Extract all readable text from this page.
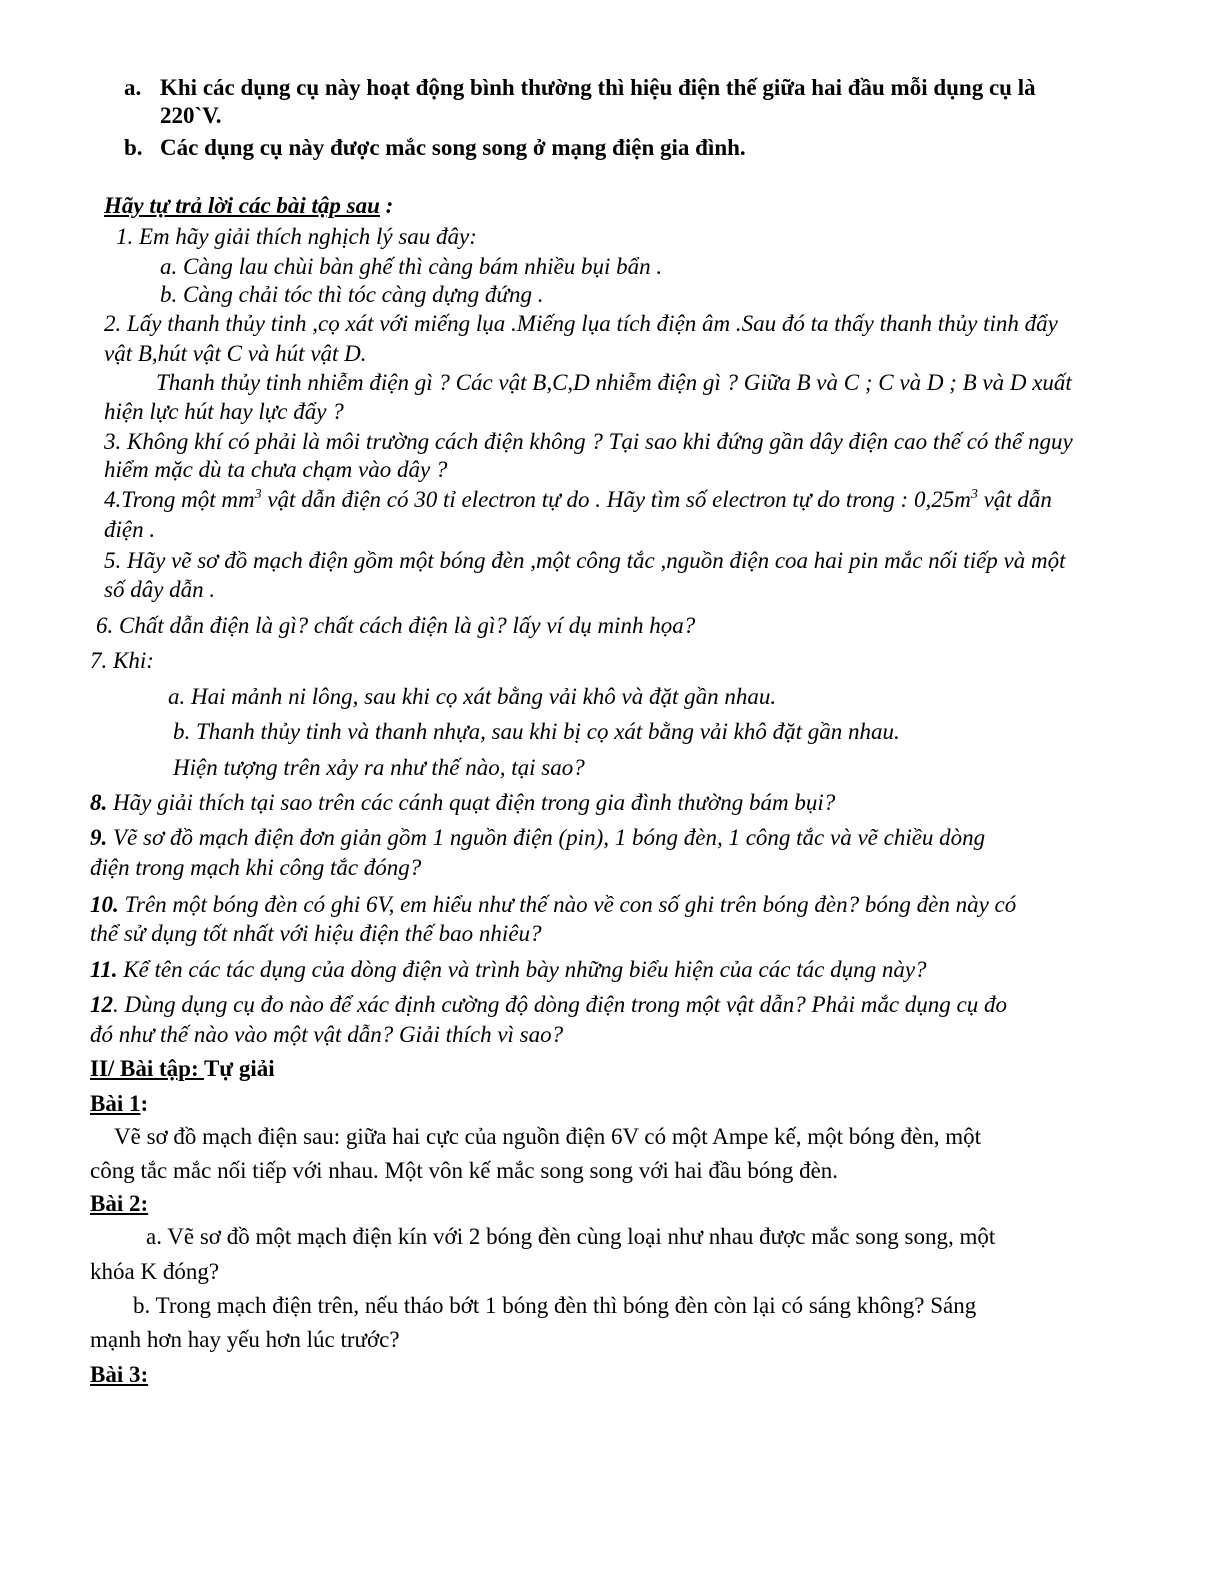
a. Khi các dụng cụ này hoạt động bình thường thì hiệu điện thế giữa hai đầu mỗi dụng cụ là
220`V.
b. Các dụng cụ này được mắc song song ở mạng điện gia đình.
Hãy tự trả lời các bài tập sau :
1. Em hãy giải thích nghịch lý sau đây:
a. Càng lau chùi bàn ghế thì càng bám nhiều bụi bẩn .
b. Càng chải tóc thì tóc càng dựng đứng .
2. Lấy thanh thủy tinh ,cọ xát với miếng lụa .Miếng lụa tích điện âm .Sau đó ta thấy thanh thủy tinh đẩy
vật B,hút vật C và hút vật D.
Thanh thủy tinh nhiễm điện gì ? Các vật B,C,D nhiễm điện gì ? Giữa B và C ; C và D ; B và D xuất
hiện lực hút hay lực đẩy ?
3. Không khí có phải là môi trường cách điện không ? Tại sao khi đứng gần dây điện cao thế có thể nguy
hiểm mặc dù ta chưa chạm vào dây ?
4.Trong một $mm^3$ vật dẫn điện có 30 tỉ electron tự do . Hãy tìm số electron tự do trong : $0,25m^3$ vật dẫn
điện .
5. Hãy vẽ sơ đồ mạch điện gồm một bóng đèn ,một công tắc ,nguồn điện coa hai pin mắc nối tiếp và một
số dây dẫn .
6. Chất dẫn điện là gì? chất cách điện là gì? lấy ví dụ minh họa?
7. Khi:
a. Hai mảnh ni lông, sau khi cọ xát bằng vải khô và đặt gần nhau.
b. Thanh thủy tinh và thanh nhựa, sau khi bị cọ xát bằng vải khô đặt gần nhau.
Hiện tượng trên xảy ra như thế nào, tại sao?
8. Hãy giải thích tại sao trên các cánh quạt điện trong gia đình thường bám bụi?
9. Vẽ sơ đồ mạch điện đơn giản gồm 1 nguồn điện (pin), 1 bóng đèn, 1 công tắc và vẽ chiều dòng
điện trong mạch khi công tắc đóng?
10. Trên một bóng đèn có ghi 6V, em hiểu như thế nào về con số ghi trên bóng đèn? bóng đèn này có
thể sử dụng tốt nhất với hiệu điện thế bao nhiêu?
11. Kể tên các tác dụng của dòng điện và trình bày những biểu hiện của các tác dụng này?
12. Dùng dụng cụ đo nào để xác định cường độ dòng điện trong một vật dẫn? Phải mắc dụng cụ đo
đó như thế nào vào một vật dẫn? Giải thích vì sao?
II/ Bài tập: Tự giải
Bài 1:
Vẽ sơ đồ mạch điện sau: giữa hai cực của nguồn điện 6V có một Ampe kế, một bóng đèn, một
công tắc mắc nối tiếp với nhau. Một vôn kế mắc song song với hai đầu bóng đèn.
Bài 2:
a. Vẽ sơ đồ một mạch điện kín với 2 bóng đèn cùng loại như nhau được mắc song song, một
khóa K đóng?
b. Trong mạch điện trên, nếu tháo bớt 1 bóng đèn thì bóng đèn còn lại có sáng không? Sáng
mạnh hơn hay yếu hơn lúc trước?
Bài 3:
